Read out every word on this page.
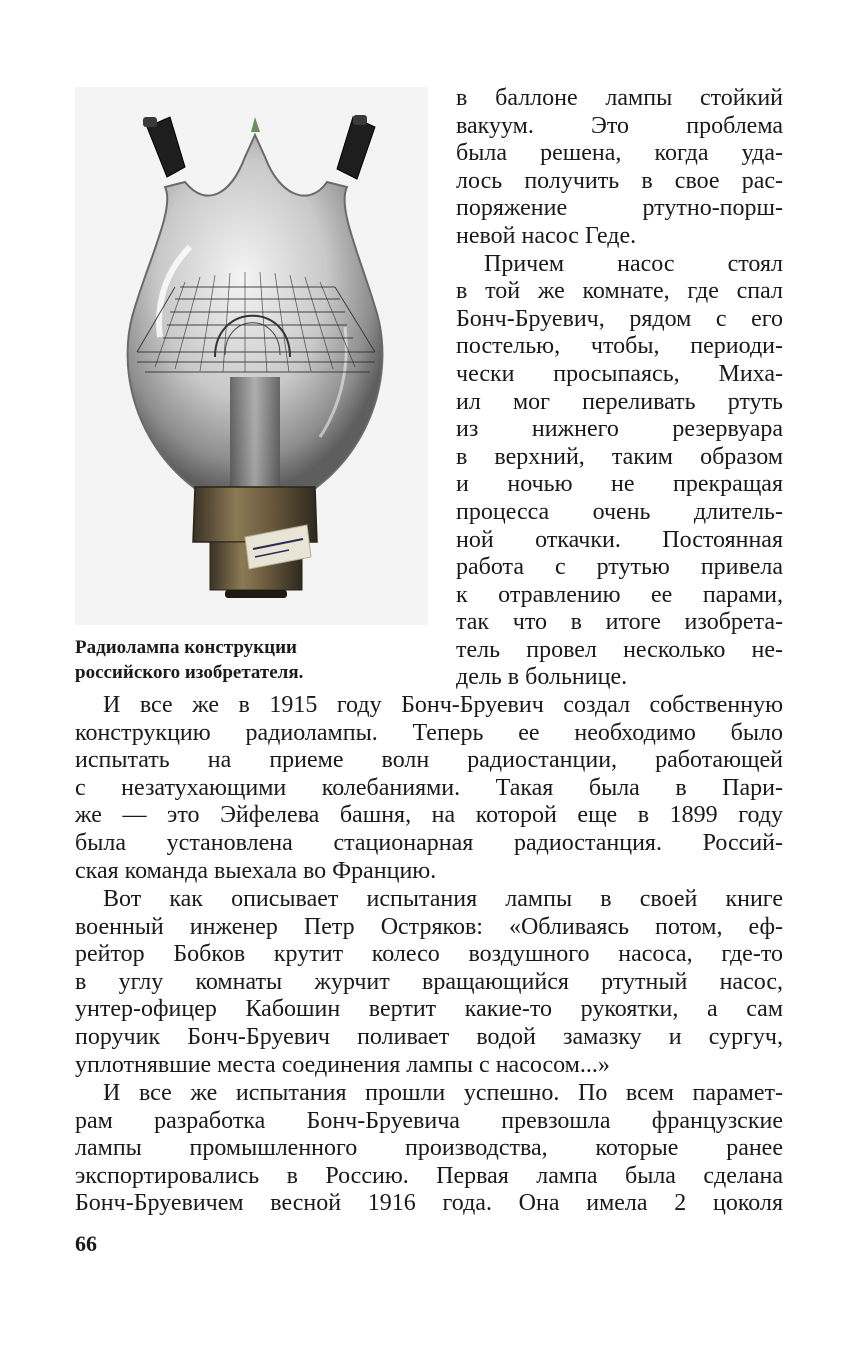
Радиолампа конструкции
российского изобретателя.
в баллоне лампы стойкий
вакуум. Это проблема
была решена, когда уда-
лось получить в свое рас-
поряжение ртутно-порш-
невой насос Геде.
Причем насос стоял
в той же комнате, где спал
Бонч-Бруевич, рядом с его
постелью, чтобы, периоди-
чески просыпаясь, Миха-
ил мог переливать ртуть
из нижнего резервуара
в верхний, таким образом
и ночью не прекращая
процесса очень длитель-
ной откачки. Постоянная
работа с ртутью привела
к отравлению ее парами,
так что в итоге изобрета-
тель провел несколько не-
дель в больнице.
И все же в 1915 году Бонч-Бруевич создал собственную
конструкцию радиолампы. Теперь ее необходимо было
испытать на приеме волн радиостанции, работающей
с незатухающими колебаниями. Такая была в Пари-
же — это Эйфелева башня, на которой еще в 1899 году
была установлена стационарная радиостанция. Россий-
ская команда выехала во Францию.
Вот как описывает испытания лампы в своей книге
военный инженер Петр Остряков: «Обливаясь потом, еф-
рейтор Бобков крутит колесо воздушного насоса, где-то
в углу комнаты журчит вращающийся ртутный насос,
унтер-офицер Кабошин вертит какие-то рукоятки, а сам
поручик Бонч-Бруевич поливает водой замазку и сургуч,
уплотнявшие места соединения лампы с насосом...»
И все же испытания прошли успешно. По всем парамет-
рам разработка Бонч-Бруевича превзошла французские
лампы промышленного производства, которые ранее
экспортировались в Россию. Первая лампа была сделана
Бонч-Бруевичем весной 1916 года. Она имела 2 цоколя
66
